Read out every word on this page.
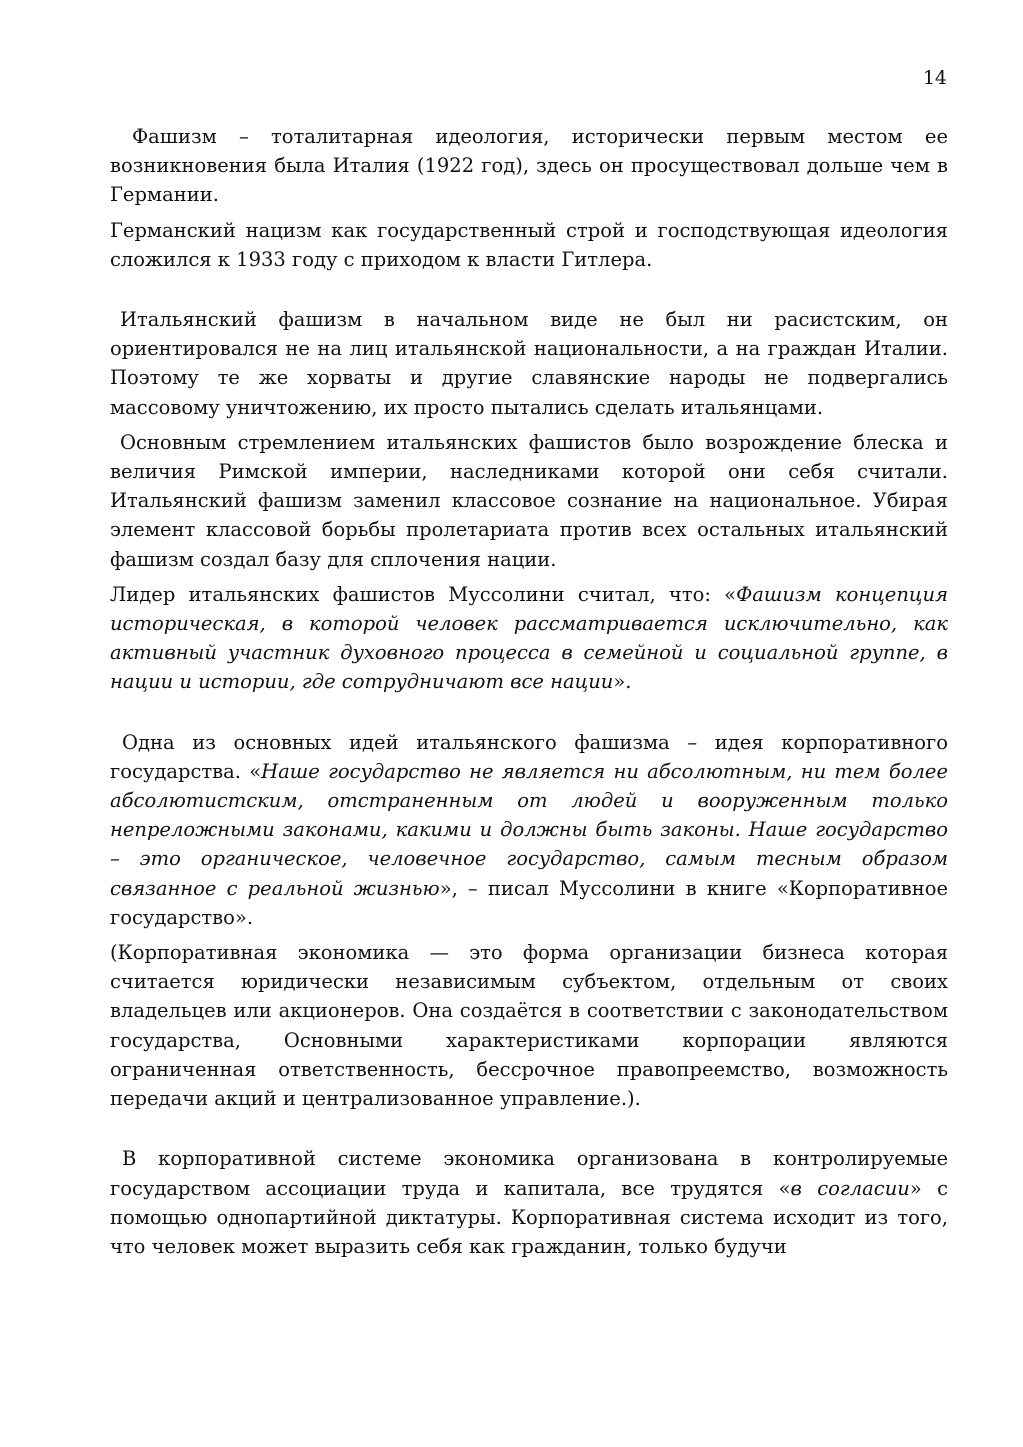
14

Фашизм – тоталитарная идеология, исторически первым местом ее возникновения была Италия (1922 год), здесь он просуществовал дольше чем в Германии.

Германский нацизм как государственный строй и господствующая идеология сложился к 1933 году с приходом к власти Гитлера.

Итальянский фашизм в начальном виде не был ни расистским, он ориентировался не на лиц итальянской национальности, а на граждан Италии. Поэтому те же хорваты и другие славянские народы не подвергались массовому уничтожению, их просто пытались сделать итальянцами.

Основным стремлением итальянских фашистов было возрождение блеска и величия Римской империи, наследниками которой они себя считали. Итальянский фашизм заменил классовое сознание на национальное. Убирая элемент классовой борьбы пролетариата против всех остальных итальянский фашизм создал базу для сплочения нации.

Лидер итальянских фашистов Муссолини считал, что: «Фашизм концепция историческая, в которой человек рассматривается исключительно, как активный участник духовного процесса в семейной и социальной группе, в нации и истории, где сотрудничают все нации».

Одна из основных идей итальянского фашизма – идея корпоративного государства. «Наше государство не является ни абсолютным, ни тем более абсолютистским, отстраненным от людей и вооруженным только непреложными законами, какими и должны быть законы. Наше государство – это органическое, человечное государство, самым тесным образом связанное с реальной жизнью», – писал Муссолини в книге «Корпоративное государство».

(Корпоративная экономика — это форма организации бизнеса которая считается юридически независимым субъектом, отдельным от своих владельцев или акционеров. Она создаётся в соответствии с законодательством государства, Основными характеристиками корпорации являются ограниченная ответственность, бессрочное правопреемство, возможность передачи акций и централизованное управление.).

В корпоративной системе экономика организована в контролируемые государством ассоциации труда и капитала, все трудятся «в согласии» с помощью однопартийной диктатуры. Корпоративная система исходит из того, что человек может выразить себя как гражданин, только будучи
